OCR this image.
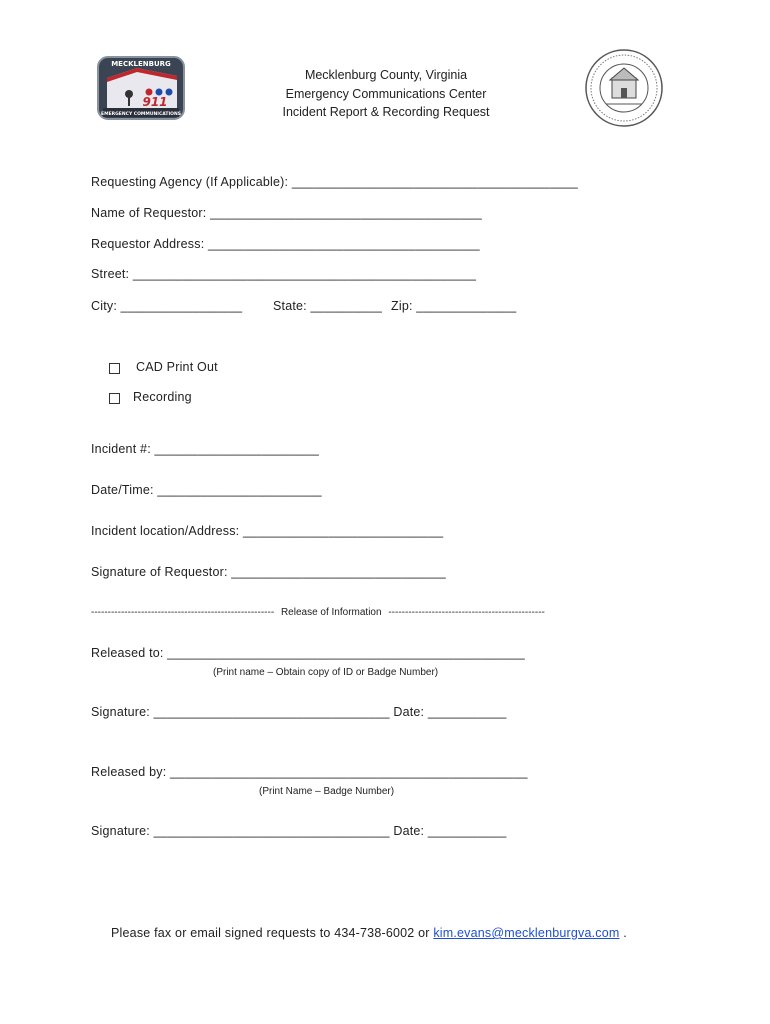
MECKLENBURG
911
EMERGENCY COMMUNICATIONS
Mecklenburg County, Virginia
Emergency Communications Center
Incident Report & Recording Request
Requesting Agency (If Applicable): ________________________________________
Name of Requestor: ______________________________________
Requestor Address: ______________________________________
Street: ________________________________________________
City: _________________ State: __________ Zip: ______________
CAD Print Out
Recording
Incident #: _______________________
Date/Time: _______________________
Incident location/Address: ____________________________
Signature of Requestor: ______________________________
------------------------------------------------------- Release of Information -----------------------------------------------
Released to: __________________________________________________
(Print name – Obtain copy of ID or Badge Number)
Signature: _________________________________ Date: ___________
Released by: __________________________________________________
(Print Name – Badge Number)
Signature: _________________________________ Date: ___________
Please fax or email signed requests to 434-738-6002 or kim.evans@mecklenburgva.com .
